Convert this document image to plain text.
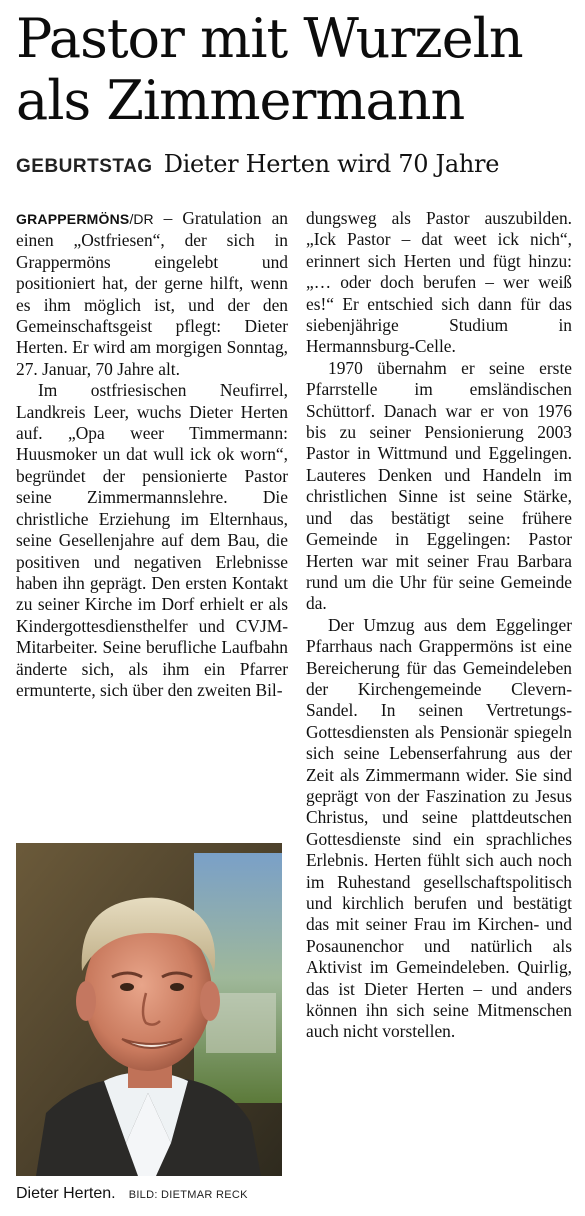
Pastor mit Wurzeln
als Zimmermann
GEBURTSTAG Dieter Herten wird 70 Jahre

GRAPPERMÖNS/DR – Gratulation an einen „Ostfriesen“, der sich in Grappermöns eingelebt und positioniert hat, der gerne hilft, wenn es ihm möglich ist, und der den Gemeinschaftsgeist pflegt: Dieter Herten. Er wird am morgigen Sonntag, 27. Januar, 70 Jahre alt.

Im ostfriesischen Neufirrel, Landkreis Leer, wuchs Dieter Herten auf. „Opa weer Timmermann: Huusmoker un dat wull ick ok worn“, begründet der pensionierte Pastor seine Zimmermannslehre. Die christliche Erziehung im Elternhaus, seine Gesellenjahre auf dem Bau, die positiven und negativen Erlebnisse haben ihn geprägt. Den ersten Kontakt zu seiner Kirche im Dorf erhielt er als Kindergottesdiensthelfer und CVJM-Mitarbeiter. Seine berufliche Laufbahn änderte sich, als ihm ein Pfarrer ermunterte, sich über den zweiten Bil-

Dieter Herten. BILD: DIETMAR RECK

dungsweg als Pastor auszubilden. „Ick Pastor – dat weet ick nich“, erinnert sich Herten und fügt hinzu: „… oder doch berufen – wer weiß es!“ Er entschied sich dann für das siebenjährige Studium in Hermannsburg-Celle.

1970 übernahm er seine erste Pfarrstelle im emsländischen Schüttorf. Danach war er von 1976 bis zu seiner Pensionierung 2003 Pastor in Wittmund und Eggelingen. Lauteres Denken und Handeln im christlichen Sinne ist seine Stärke, und das bestätigt seine frühere Gemeinde in Eggelingen: Pastor Herten war mit seiner Frau Barbara rund um die Uhr für seine Gemeinde da.

Der Umzug aus dem Eggelinger Pfarrhaus nach Grappermöns ist eine Bereicherung für das Gemeindeleben der Kirchengemeinde Clevern-Sandel. In seinen Vertretungs-Gottesdiensten als Pensionär spiegeln sich seine Lebenserfahrung aus der Zeit als Zimmermann wider. Sie sind geprägt von der Faszination zu Jesus Christus, und seine plattdeutschen Gottesdienste sind ein sprachliches Erlebnis. Herten fühlt sich auch noch im Ruhestand gesellschaftspolitisch und kirchlich berufen und bestätigt das mit seiner Frau im Kirchen- und Posaunenchor und natürlich als Aktivist im Gemeindeleben. Quirlig, das ist Dieter Herten – und anders können ihn sich seine Mitmenschen auch nicht vorstellen.
